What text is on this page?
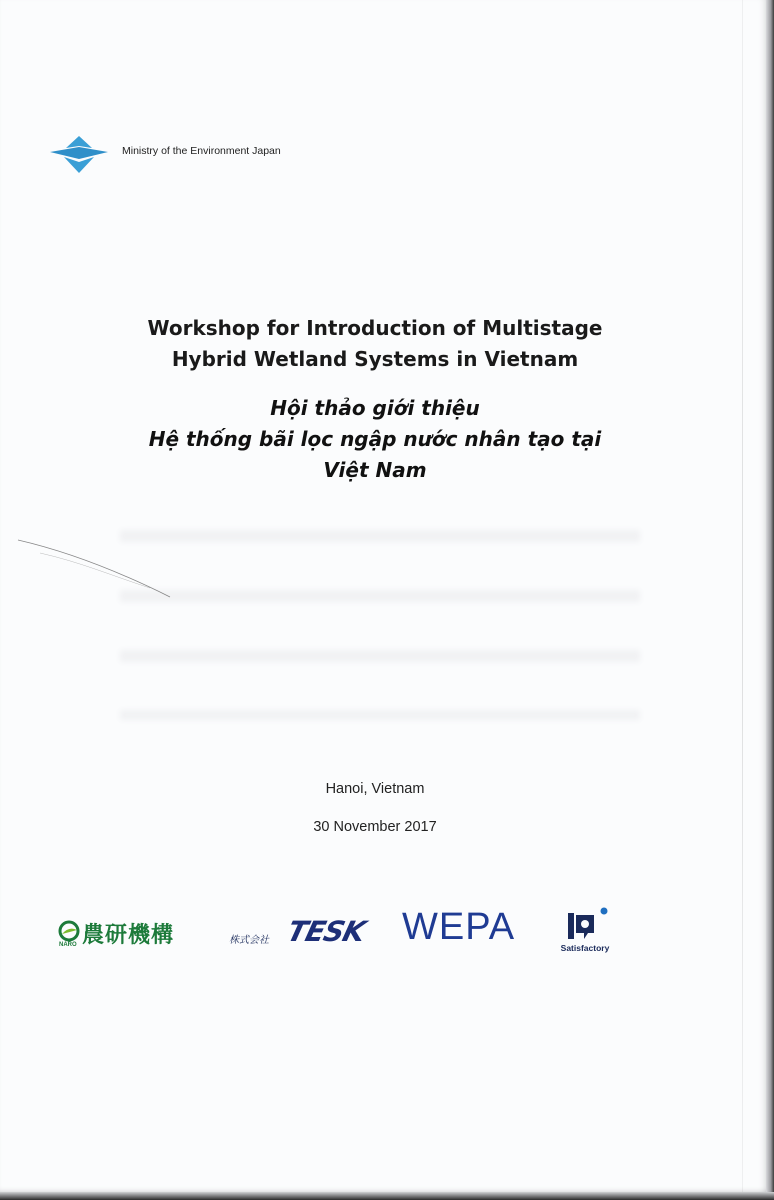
Ministry of the Environment Japan
Workshop for Introduction of Multistage
Hybrid Wetland Systems in Vietnam
Hội thảo giới thiệu
Hệ thống bãi lọc ngập nước nhân tạo tại
Việt Nam
Hanoi, Vietnam
30 November 2017
農研機構
NARO	株式会社 TESK WEPA	Satisfactory
